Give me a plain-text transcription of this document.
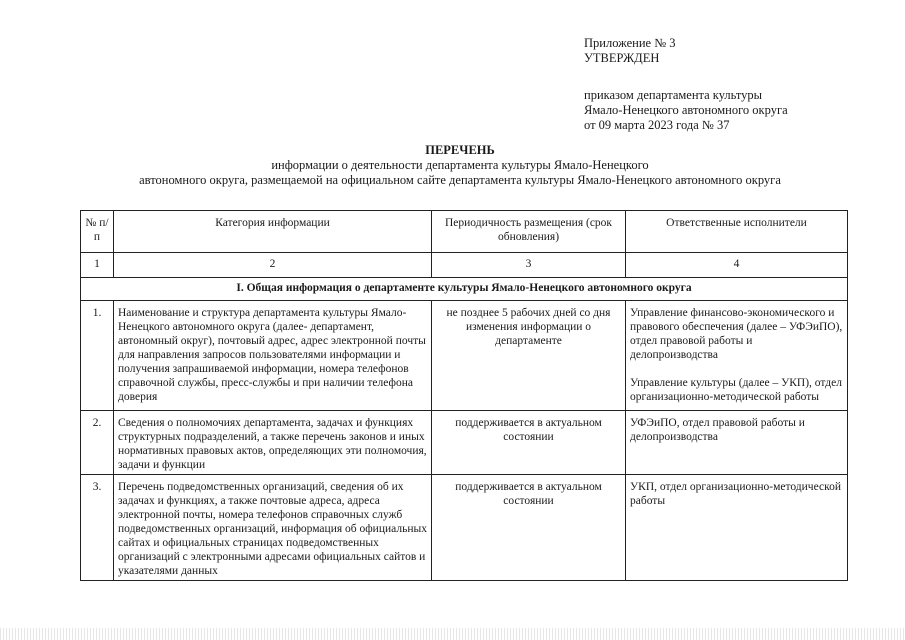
Приложение № 3
УТВЕРЖДЕН
приказом департамента культуры
Ямало-Ненецкого автономного округа
от 09 марта 2023 года № 37
ПЕРЕЧЕНЬ
информации о деятельности департамента культуры Ямало-Ненецкого
автономного округа, размещаемой на официальном сайте департамента культуры Ямало-Ненецкого автономного округа
№ п/п	Категория информации	Периодичность размещения (срок обновления)	Ответственные исполнители
1	2	3	4
I. Общая информация о департаменте культуры Ямало-Ненецкого автономного округа			
1.	Наименование и структура департамента культуры Ямало-Ненецкого автономного округа (далее- департамент, автономный округ), почтовый адрес, адрес электронной почты для направления запросов пользователями информации и получения запрашиваемой информации, номера телефонов справочной службы, пресс-службы и при наличии телефона доверия	не позднее 5 рабочих дней со дня изменения информации о департаменте	Управление финансово-экономического и правового обеспечения (далее – УФЭиПО), отдел правовой работы и делопроизводства
Управление культуры (далее – УКП), отдел организационно-методической работы

2.	Сведения о полномочиях департамента, задачах и функциях структурных подразделений, а также перечень законов и иных нормативных правовых актов, определяющих эти полномочия, задачи и функции	поддерживается в актуальном состоянии	УФЭиПО, отдел правовой работы и делопроизводства

3.	Перечень подведомственных организаций, сведения об их задачах и функциях, а также почтовые адреса, адреса электронной почты, номера телефонов справочных служб подведомственных организаций, информация об официальных сайтах и официальных страницах подведомственных организаций с электронными адресами официальных сайтов и указателями данных	поддерживается в актуальном состоянии	УКП, отдел организационно-методической работы
